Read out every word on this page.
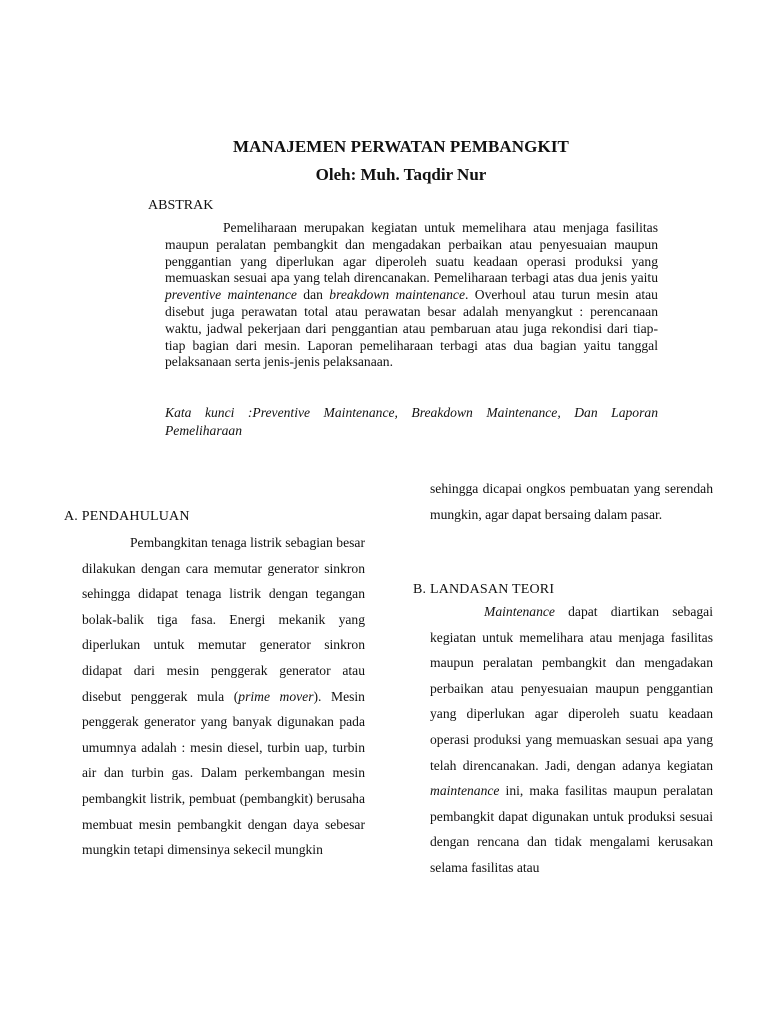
MANAJEMEN PERWATAN PEMBANGKIT
Oleh: Muh. Taqdir Nur
ABSTRAK

Pemeliharaan merupakan kegiatan untuk memelihara atau menjaga fasilitas maupun peralatan pembangkit dan mengadakan perbaikan atau penyesuaian maupun penggantian yang diperlukan agar diperoleh suatu keadaan operasi produksi yang memuaskan sesuai apa yang telah direncanakan. Pemeliharaan terbagi atas dua jenis yaitu preventive maintenance dan breakdown maintenance. Overhoul atau turun mesin atau disebut juga perawatan total atau perawatan besar adalah menyangkut : perencanaan waktu, jadwal pekerjaan dari penggantian atau pembaruan atau juga rekondisi dari tiap-tiap bagian dari mesin. Laporan pemeliharaan terbagi atas dua bagian yaitu tanggal pelaksanaan serta jenis-jenis pelaksanaan.

Kata kunci :Preventive Maintenance, Breakdown Maintenance, Dan Laporan Pemeliharaan

A. PENDAHULUAN

Pembangkitan tenaga listrik sebagian besar dilakukan dengan cara memutar generator sinkron sehingga didapat tenaga listrik dengan tegangan bolak-balik tiga fasa. Energi mekanik yang diperlukan untuk memutar generator sinkron didapat dari mesin penggerak generator atau disebut penggerak mula (prime mover). Mesin penggerak generator yang banyak digunakan pada umumnya adalah : mesin diesel, turbin uap, turbin air dan turbin gas. Dalam perkembangan mesin pembangkit listrik, pembuat (pembangkit) berusaha membuat mesin pembangkit dengan daya sebesar mungkin tetapi dimensinya sekecil mungkin

sehingga dicapai ongkos pembuatan yang serendah mungkin, agar dapat bersaing dalam pasar.

B. LANDASAN TEORI

Maintenance dapat diartikan sebagai kegiatan untuk memelihara atau menjaga fasilitas maupun peralatan pembangkit dan mengadakan perbaikan atau penyesuaian maupun penggantian yang diperlukan agar diperoleh suatu keadaan operasi produksi yang memuaskan sesuai apa yang telah direncanakan. Jadi, dengan adanya kegiatan maintenance ini, maka fasilitas maupun peralatan pembangkit dapat digunakan untuk produksi sesuai dengan rencana dan tidak mengalami kerusakan selama fasilitas atau
